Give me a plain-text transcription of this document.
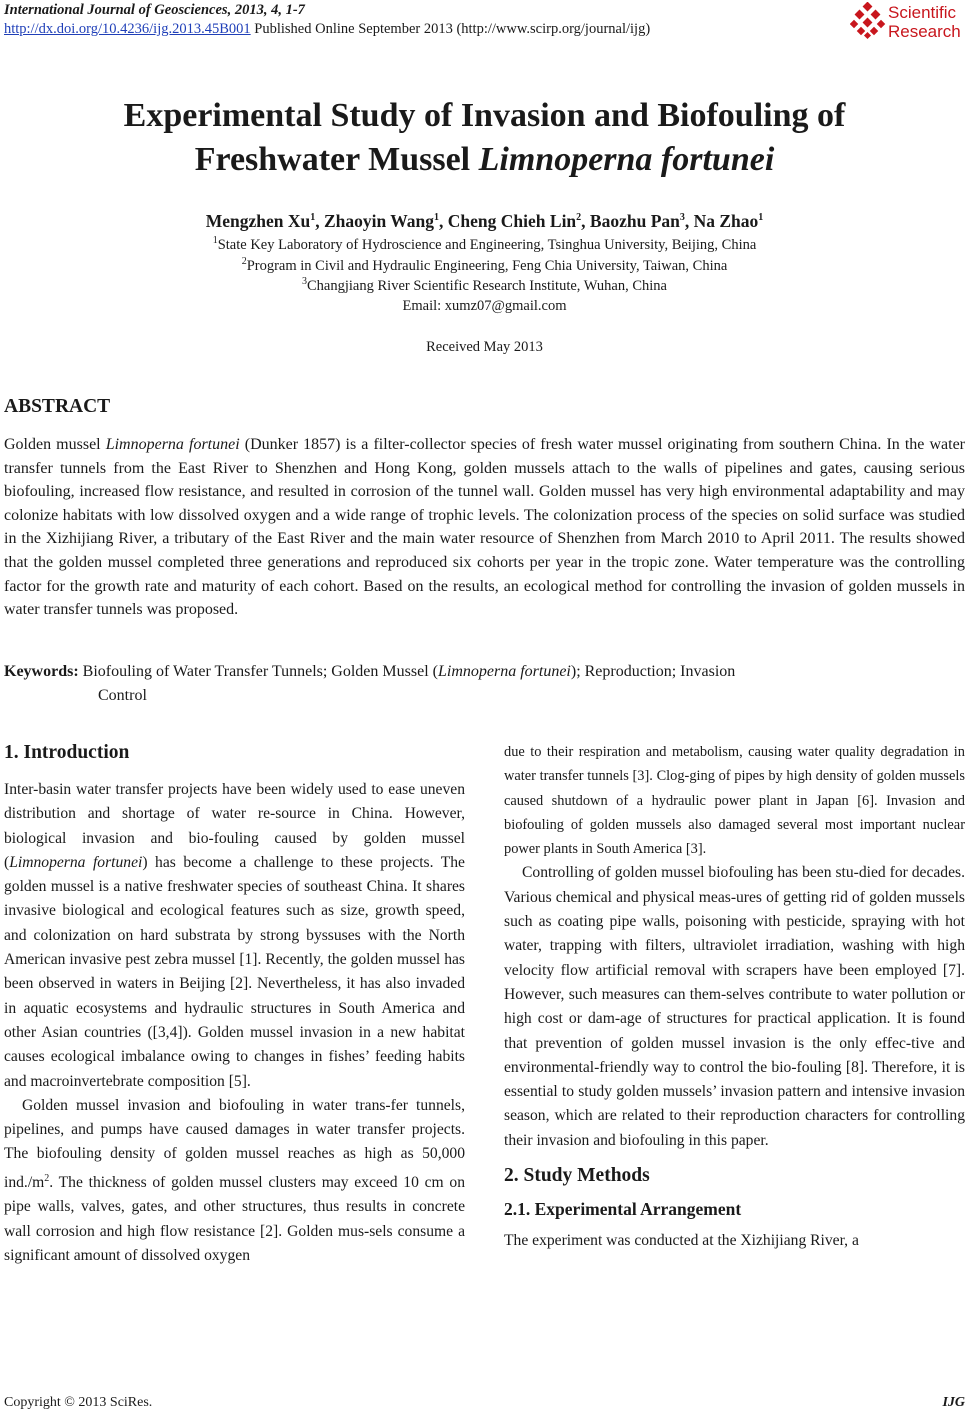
International Journal of Geosciences, 2013, 4, 1-7
http://dx.doi.org/10.4236/ijg.2013.45B001 Published Online September 2013 (http://www.scirp.org/journal/ijg)
Scientific
Research
Experimental Study of Invasion and Biofouling of
Freshwater Mussel Limnoperna fortunei
Mengzhen Xu$^1$, Zhaoyin Wang$^1$, Cheng Chieh Lin$^2$, Baozhu Pan$^3$, Na Zhao$^1$
$^1$State Key Laboratory of Hydroscience and Engineering, Tsinghua University, Beijing, China
$^2$Program in Civil and Hydraulic Engineering, Feng Chia University, Taiwan, China
$^3$Changjiang River Scientific Research Institute, Wuhan, China
Email: xumz07@gmail.com
Received May 2013
ABSTRACT
Golden mussel Limnoperna fortunei (Dunker 1857) is a filter-collector species of fresh water mussel originating from southern China. In the water transfer tunnels from the East River to Shenzhen and Hong Kong, golden mussels attach to the walls of pipelines and gates, causing serious biofouling, increased flow resistance, and resulted in corrosion of the tunnel wall. Golden mussel has very high environmental adaptability and may colonize habitats with low dissolved oxygen and a wide range of trophic levels. The colonization process of the species on solid surface was studied in the Xizhijiang River, a tributary of the East River and the main water resource of Shenzhen from March 2010 to April 2011. The results showed that the golden mussel completed three generations and reproduced six cohorts per year in the tropic zone. Water temperature was the controlling factor for the growth rate and maturity of each cohort. Based on the results, an ecological method for controlling the invasion of golden mussels in water transfer tunnels was proposed.
Keywords: Biofouling of Water Transfer Tunnels; Golden Mussel (Limnoperna fortunei); Reproduction; Invasion
Control
1. Introduction

Inter-basin water transfer projects have been widely used to ease uneven distribution and shortage of water re-source in China. However, biological invasion and bio-fouling caused by golden mussel (Limnoperna fortunei) has become a challenge to these projects. The golden mussel is a native freshwater species of southeast China. It shares invasive biological and ecological features such as size, growth speed, and colonization on hard substrata by strong byssuses with the North American invasive pest zebra mussel [1]. Recently, the golden mussel has been observed in waters in Beijing [2]. Nevertheless, it has also invaded in aquatic ecosystems and hydraulic structures in South America and other Asian countries ([3,4]). Golden mussel invasion in a new habitat causes ecological imbalance owing to changes in fishes’ feeding habits and macroinvertebrate composition [5].

Golden mussel invasion and biofouling in water trans-fer tunnels, pipelines, and pumps have caused damages in water transfer projects. The biofouling density of golden mussel reaches as high as 50,000 $ind./m^2$. The thickness of golden mussel clusters may exceed 10 cm on pipe walls, valves, gates, and other structures, thus results in concrete wall corrosion and high flow resistance [2]. Golden mus-sels consume a significant amount of dissolved oxygen

due to their respiration and metabolism, causing water quality degradation in water transfer tunnels [3]. Clog-ging of pipes by high density of golden mussels caused shutdown of a hydraulic power plant in Japan [6]. Invasion and biofouling of golden mussels also damaged several most important nuclear power plants in South America [3].

Controlling of golden mussel biofouling has been stu-died for decades. Various chemical and physical meas-ures of getting rid of golden mussels such as coating pipe walls, poisoning with pesticide, spraying with hot water, trapping with filters, ultraviolet irradiation, washing with high velocity flow artificial removal with scrapers have been employed [7]. However, such measures can them-selves contribute to water pollution or high cost or dam-age of structures for practical application. It is found that prevention of golden mussel invasion is the only effec-tive and environmental-friendly way to control the bio-fouling [8]. Therefore, it is essential to study golden mussels’ invasion pattern and intensive invasion season, which are related to their reproduction characters for controlling their invasion and biofouling in this paper.

2. Study Methods
2.1. Experimental Arrangement

The experiment was conducted at the Xizhijiang River, a

Copyright © 2013 SciRes.	IJG
